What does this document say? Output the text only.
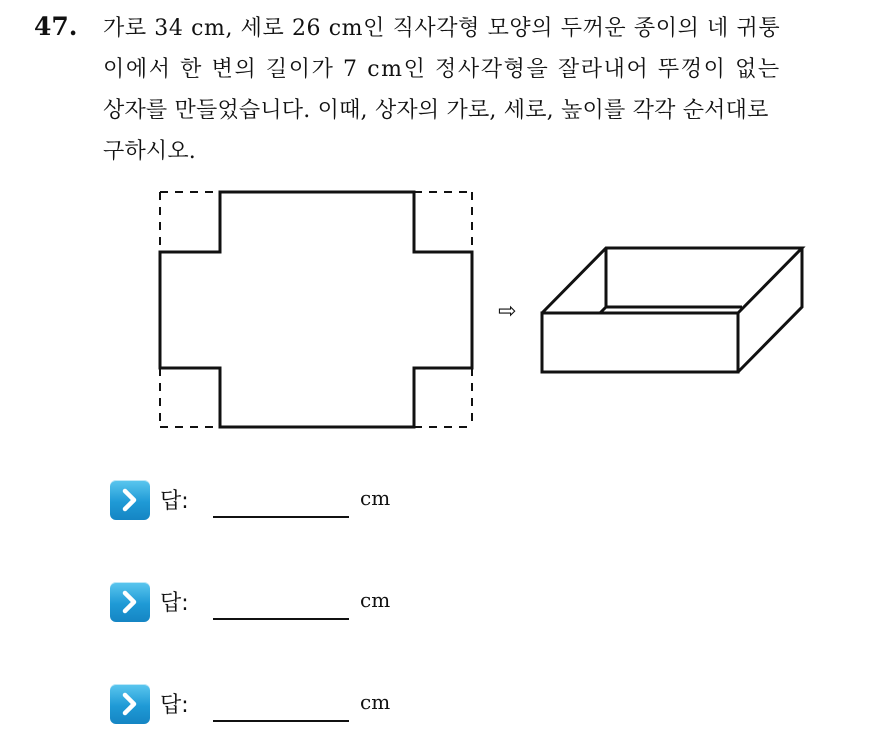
47. 가로 34 cm, 세로 26 cm인 직사각형 모양의 두꺼운 종이의 네 귀퉁
이에서 한 변의 길이가 7 cm인 정사각형을 잘라내어 뚜껑이 없는
상자를 만들었습니다. 이때, 상자의 가로, 세로, 높이를 각각 순서대로
구하시오.
⇨
답:	cm
답:	cm
답:	cm
